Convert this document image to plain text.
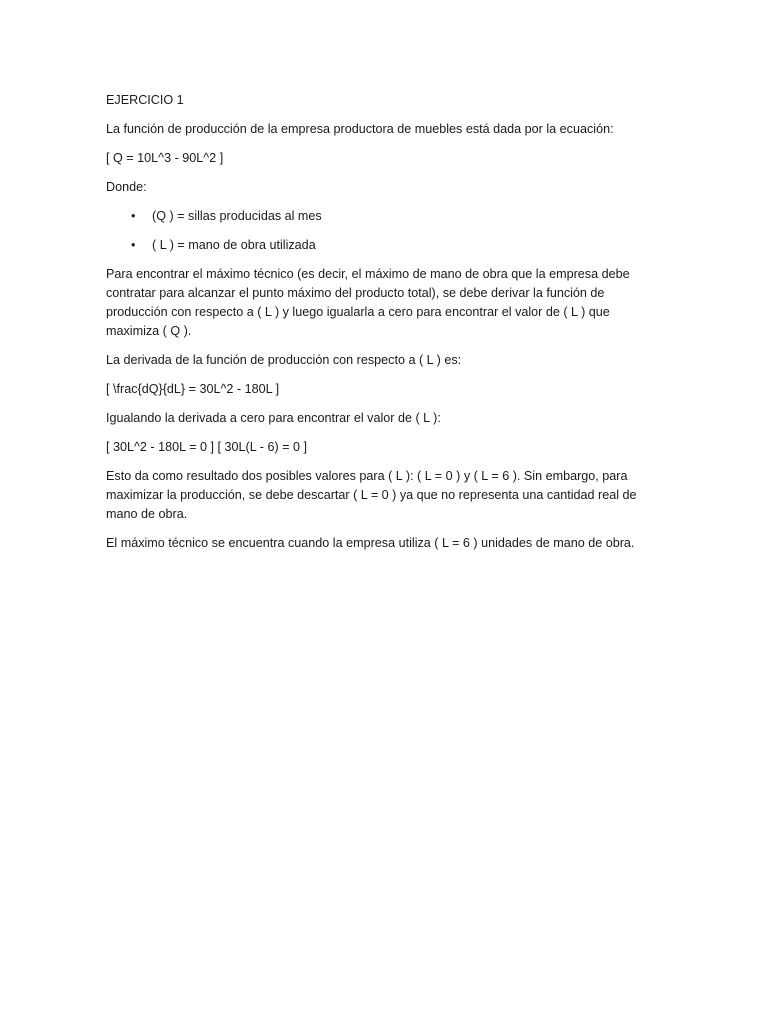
EJERCICIO 1

La función de producción de la empresa productora de muebles está dada por la ecuación:

[ Q = 10L^3 - 90L^2 ]

Donde:

• (Q ) = sillas producidas al mes
• ( L ) = mano de obra utilizada

Para encontrar el máximo técnico (es decir, el máximo de mano de obra que la empresa debe contratar para alcanzar el punto máximo del producto total), se debe derivar la función de producción con respecto a ( L ) y luego igualarla a cero para encontrar el valor de ( L ) que maximiza ( Q ).

La derivada de la función de producción con respecto a ( L ) es:

[ \frac{dQ}{dL} = 30L^2 - 180L ]

Igualando la derivada a cero para encontrar el valor de ( L ):

[ 30L^2 - 180L = 0 ] [ 30L(L - 6) = 0 ]

Esto da como resultado dos posibles valores para ( L ): ( L = 0 ) y ( L = 6 ). Sin embargo, para maximizar la producción, se debe descartar ( L = 0 ) ya que no representa una cantidad real de mano de obra.

El máximo técnico se encuentra cuando la empresa utiliza ( L = 6 ) unidades de mano de obra.
